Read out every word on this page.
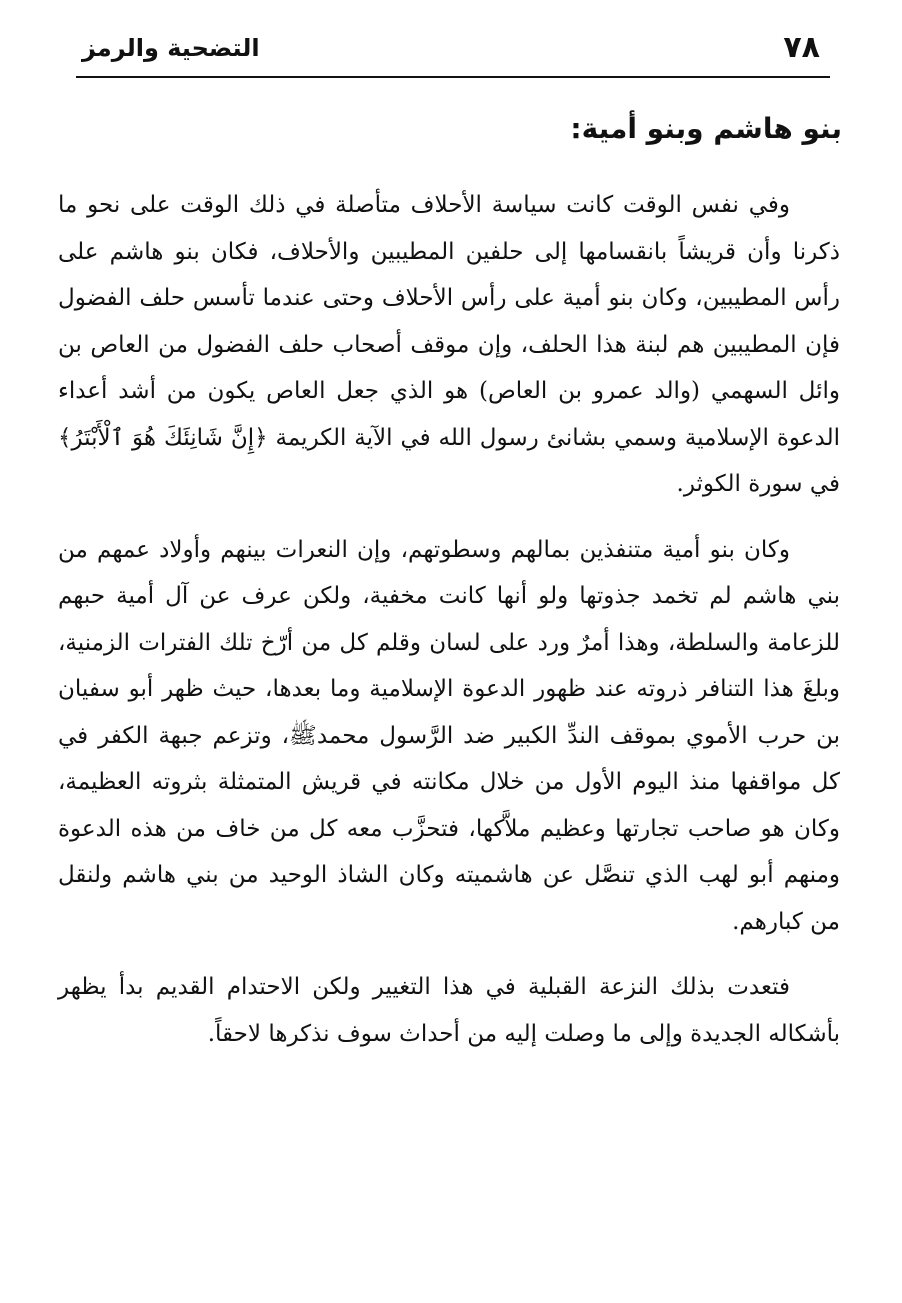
٧٨
التضحية والرمز
بنو هاشم وبنو أمية:

وفي نفس الوقت كانت سياسة الأحلاف متأصلة في ذلك الوقت على نحو ما ذكرنا وأن قريشاً بانقسامها إلى حلفين المطيبين والأحلاف، فكان بنو هاشم على رأس المطيبين، وكان بنو أمية على رأس الأحلاف وحتى عندما تأسس حلف الفضول فإن المطيبين هم لبنة هذا الحلف، وإن موقف أصحاب حلف الفضول من العاص بن وائل السهمي (والد عمرو بن العاص) هو الذي جعل العاص يكون من أشد أعداء الدعوة الإسلامية وسمي بشانئ رسول الله في الآية الكريمة ﴿إِنَّ شَانِئَكَ هُوَ ٱلْأَبْتَرُ﴾ في سورة الكوثر.

وكان بنو أمية متنفذين بمالهم وسطوتهم، وإن النعرات بينهم وأولاد عمهم من بني هاشم لم تخمد جذوتها ولو أنها كانت مخفية، ولكن عرف عن آل أمية حبهم للزعامة والسلطة، وهذا أمرٌ ورد على لسان وقلم كل من أرّخ تلك الفترات الزمنية، وبلغَ هذا التنافر ذروته عند ظهور الدعوة الإسلامية وما بعدها، حيث ظهر أبو سفيان بن حرب الأموي بموقف الندِّ الكبير ضد الرَّسول محمدﷺ، وتزعم جبهة الكفر في كل مواقفها منذ اليوم الأول من خلال مكانته في قريش المتمثلة بثروته العظيمة، وكان هو صاحب تجارتها وعظيم ملاَّكها، فتحزَّب معه كل من خاف من هذه الدعوة ومنهم أبو لهب الذي تنصَّل عن هاشميته وكان الشاذ الوحيد من بني هاشم ولنقل من كبارهم.

فتعدت بذلك النزعة القبلية في هذا التغيير ولكن الاحتدام القديم بدأ يظهر بأشكاله الجديدة وإلى ما وصلت إليه من أحداث سوف نذكرها لاحقاً.
